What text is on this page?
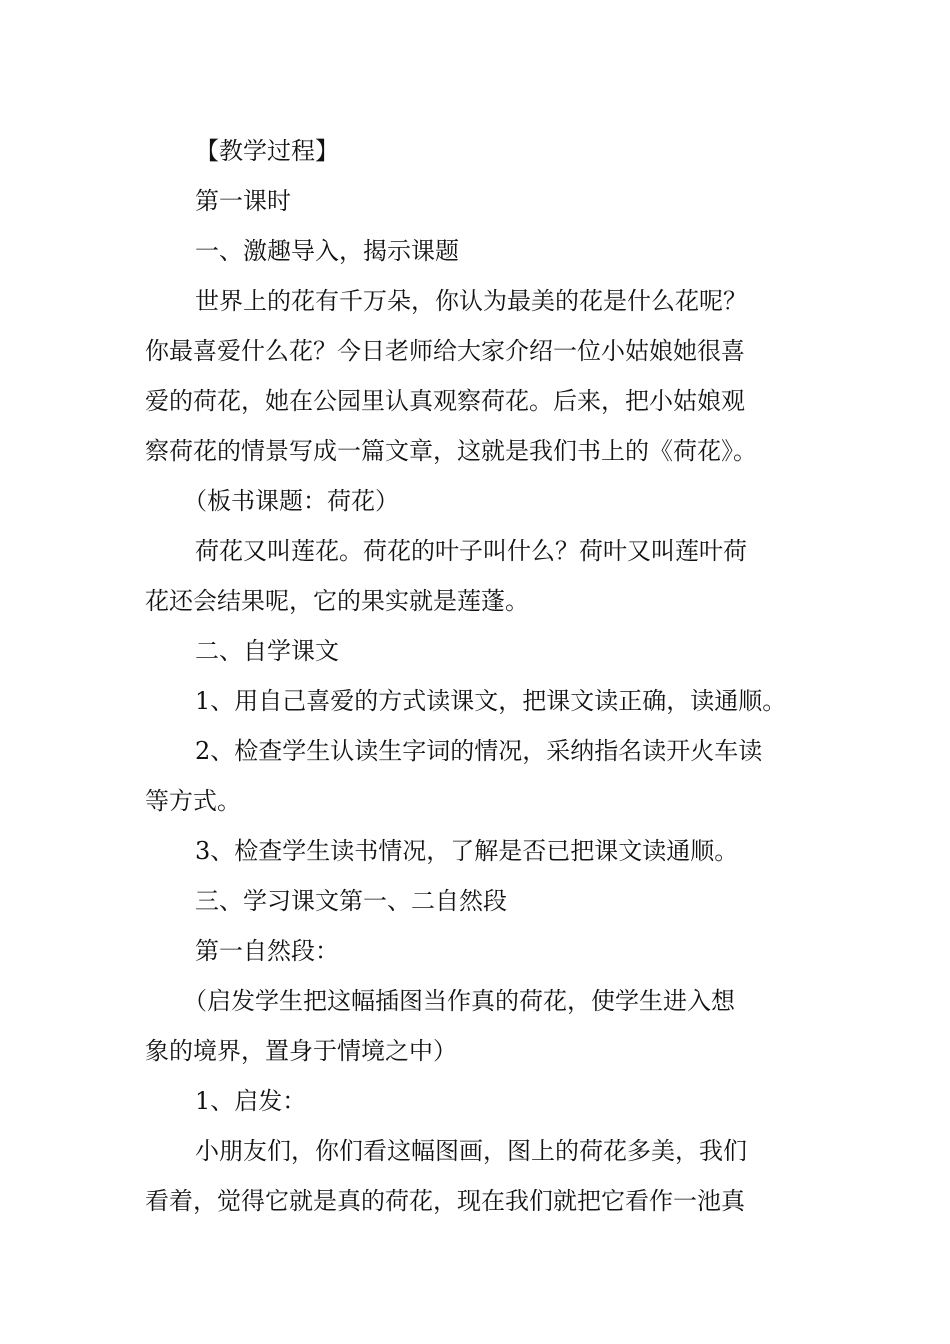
【教学过程】

第一课时

一、激趣导入，揭示课题

世界上的花有千万朵，你认为最美的花是什么花呢？

你最喜爱什么花？今日老师给大家介绍一位小姑娘她很喜

爱的荷花，她在公园里认真观察荷花。后来，把小姑娘观

察荷花的情景写成一篇文章，这就是我们书上的《荷花》。

（板书课题：荷花）

荷花又叫莲花。荷花的叶子叫什么？荷叶又叫莲叶荷

花还会结果呢，它的果实就是莲蓬。

二、自学课文

1、用自己喜爱的方式读课文，把课文读正确，读通顺。

2、检查学生认读生字词的情况，采纳指名读开火车读

等方式。

3、检查学生读书情况，了解是否已把课文读通顺。

三、学习课文第一、二自然段

第一自然段：

（启发学生把这幅插图当作真的荷花，使学生进入想

象的境界，置身于情境之中）

1、启发：

小朋友们，你们看这幅图画，图上的荷花多美，我们

看着，觉得它就是真的荷花，现在我们就把它看作一池真
